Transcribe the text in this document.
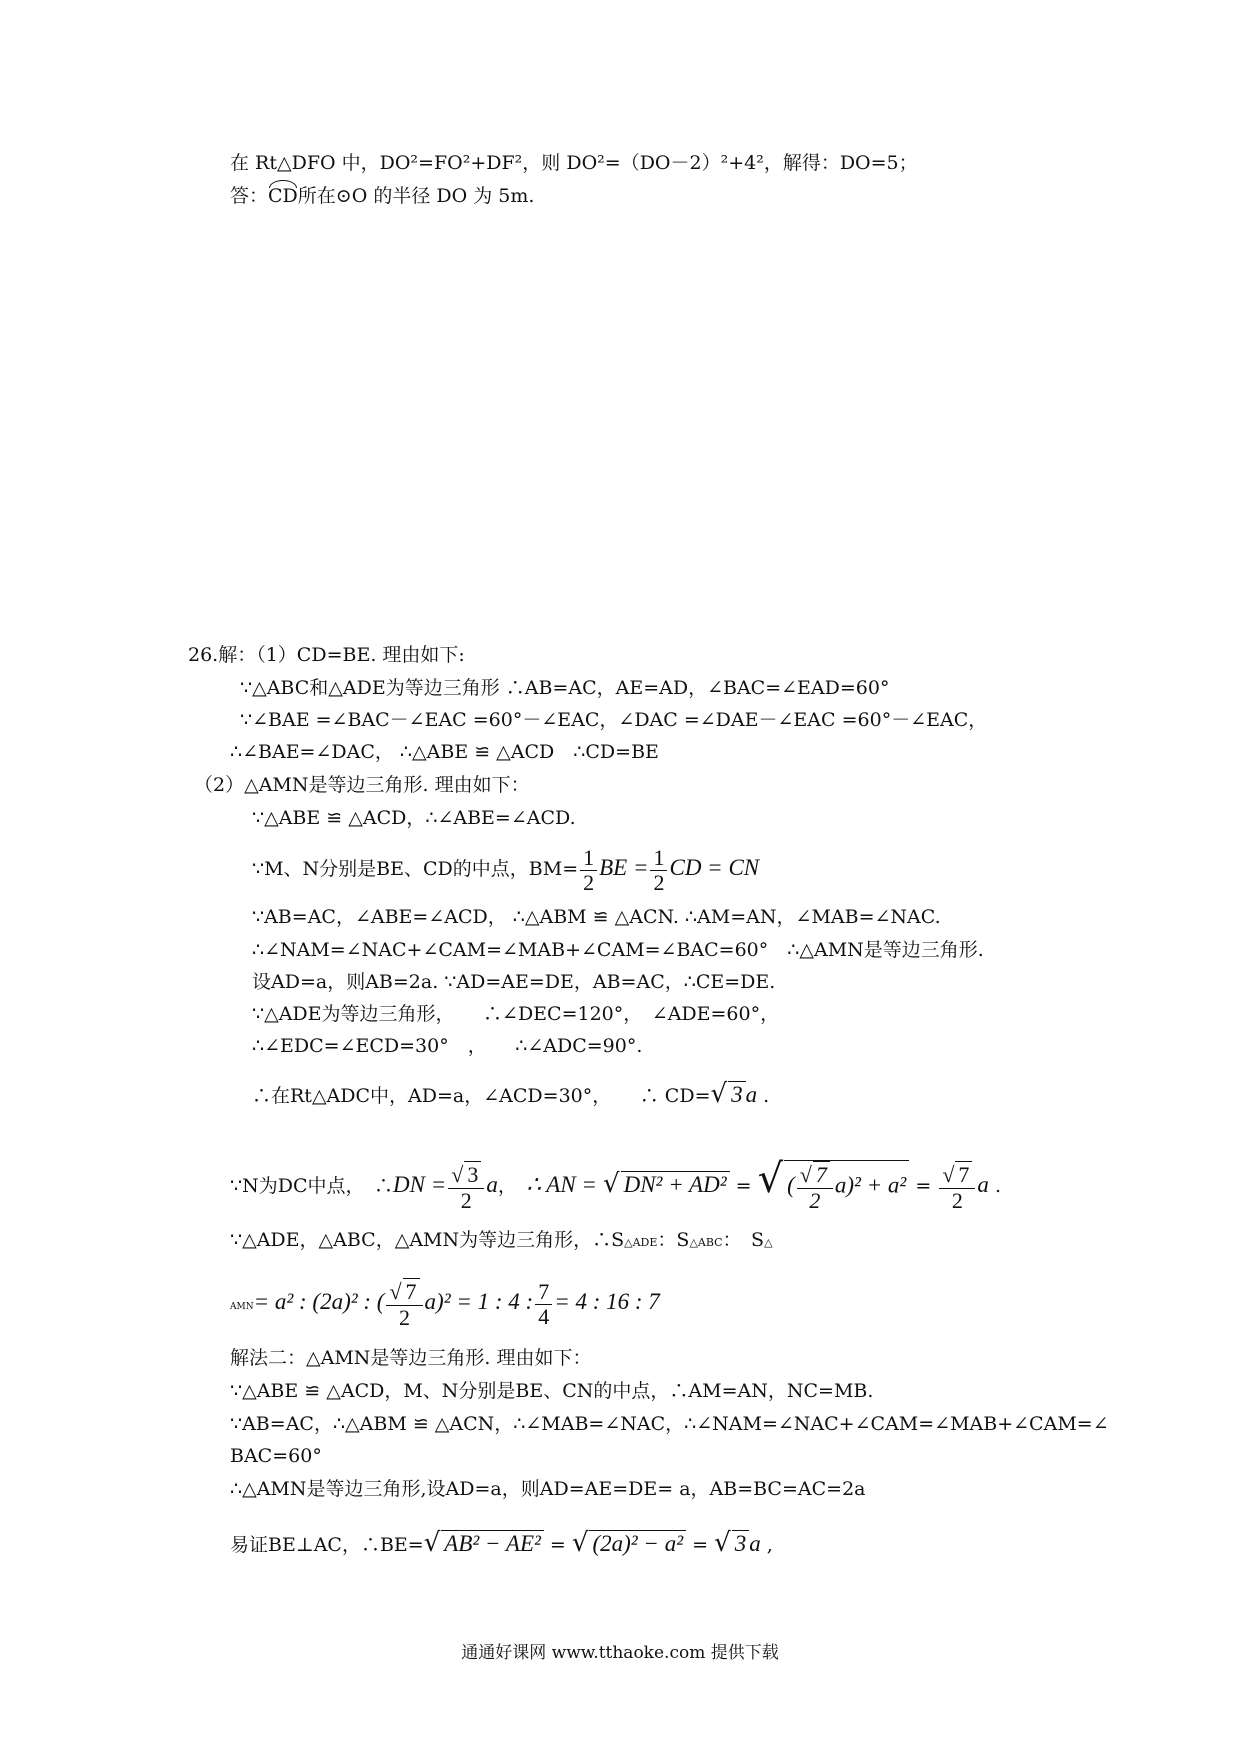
在 Rt△DFO 中，DO²=FO²+DF²，则 DO²=（DO－2）²+4²，解得：DO=5；
答：CD所在⊙O 的半径 DO 为 5m.
26.解：（1）CD=BE. 理由如下:
∵△ABC和△ADE为等边三角形 ∴AB=AC，AE=AD，∠BAC=∠EAD=60°
∵∠BAE =∠BAC－∠EAC =60°－∠EAC，∠DAC =∠DAE－∠EAC =60°－∠EAC，
∴∠BAE=∠DAC， ∴△ABE ≌ △ACD　∴CD=BE
（2）△AMN是等边三角形. 理由如下：
∵△ABE ≌ △ACD，∴∠ABE=∠ACD.
∵M、N分别是BE、CD的中点，$BM= \frac{1}{2}$ BE = $\frac{1}{2}$ CD = CN
∵AB=AC，∠ABE=∠ACD， ∴△ABM ≌ △ACN. ∴AM=AN，∠MAB=∠NAC.
∴∠NAM=∠NAC+∠CAM=∠MAB+∠CAM=∠BAC=60°　∴△AMN是等边三角形.
设AD=a，则AB=2a. ∵AD=AE=DE，AB=AC，∴CE=DE.
∵△ADE为等边三角形，　　∴∠DEC=120°，　∠ADE=60°，
∴∠EDC=∠ECD=30°　，　　∴∠ADC=90°.
∴在Rt△ADC中，AD=a，∠ACD=30°，　　∴ CD=√ 3 a .
∵N为DC中点，　∴DN = $\frac{√ 3}{2}$ a，　∴ AN = √ DN² + AD² = √ ( $\frac{√ 7}{2} a)^2 + a^2 = \frac{√ 7}{2}$ a .
∵△ADE，△ABC，△AMN为等边三角形，∴S△ADE：S△ABC：　S△
AMN= a² : (2a)² : ( $\frac{√ 7}{2} a)^2 = 1$ : 4 : $\frac{7}{4} = 4$ : 16 : 7
解法二：△AMN是等边三角形. 理由如下：
∵△ABE ≌ △ACD，M、N分别是BE、CN的中点，∴AM=AN，NC=MB.
∵AB=AC，∴△ABM ≌ △ACN，∴∠MAB=∠NAC，∴∠NAM=∠NAC+∠CAM=∠MAB+∠CAM=∠
BAC=60°
∴△AMN是等边三角形,设AD=a，则AD=AE=DE= a，AB=BC=AC=2a
易证BE⊥AC，∴BE=√ AB² − AE² = √ (2a)² − a² = √ 3 a ,
通通好课网 www.tthaoke.com 提供下载
